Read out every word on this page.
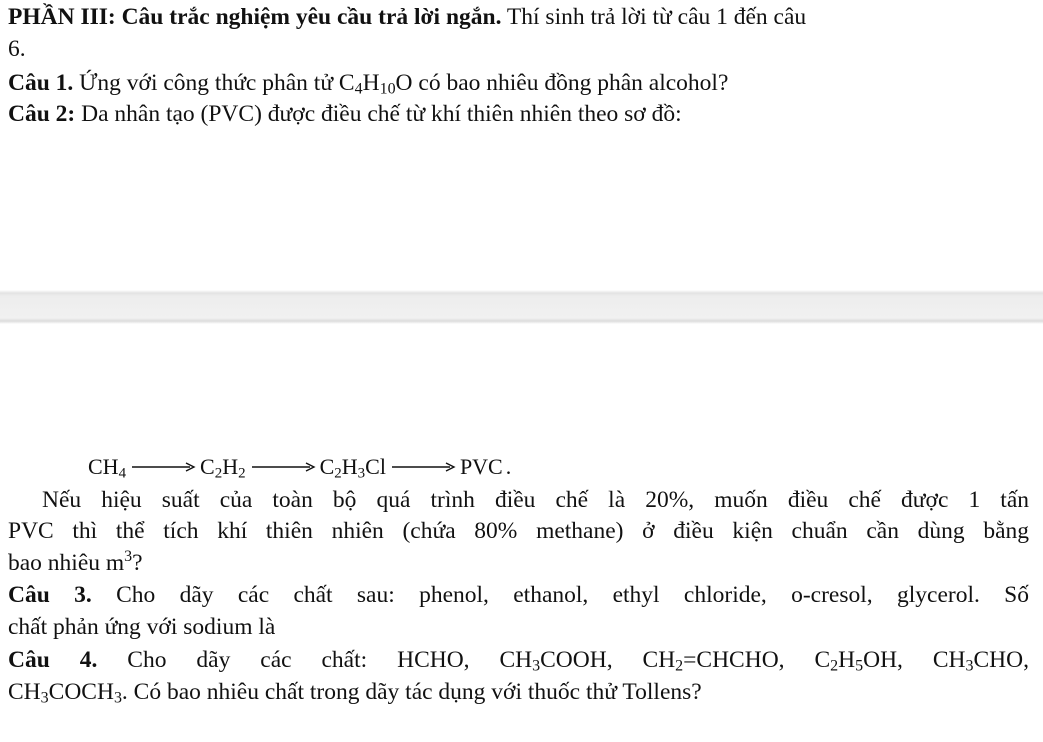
PHẦN III: Câu trắc nghiệm yêu cầu trả lời ngắn. Thí sinh trả lời từ câu 1 đến câu
6.
Câu 1. Ứng với công thức phân tử $C_4H_{10}O$ có bao nhiêu đồng phân alcohol?
Câu 2: Da nhân tạo (PVC) được điều chế từ khí thiên nhiên theo sơ đồ:
$CH_4 \to C_2H_2 \to C_2H_3Cl$ → PVC .
Nếu hiệu suất của toàn bộ quá trình điều chế là 20%, muốn điều chế được 1 tấn
PVC thì thể tích khí thiên nhiên (chứa 80% methane) ở điều kiện chuẩn cần dùng bằng
bao nhiêu $m^3$?
Câu 3. Cho dãy các chất sau: phenol, ethanol, ethyl chloride, o-cresol, glycerol. Số
chất phản ứng với sodium là
Câu 4. Cho dãy các chất: HCHO, $CH_3COOH$, $CH_2=CHCHO$, $C_2H_5OH$, $CH_3CHO$,
$CH_3COCH_3$. Có bao nhiêu chất trong dãy tác dụng với thuốc thử Tollens?
